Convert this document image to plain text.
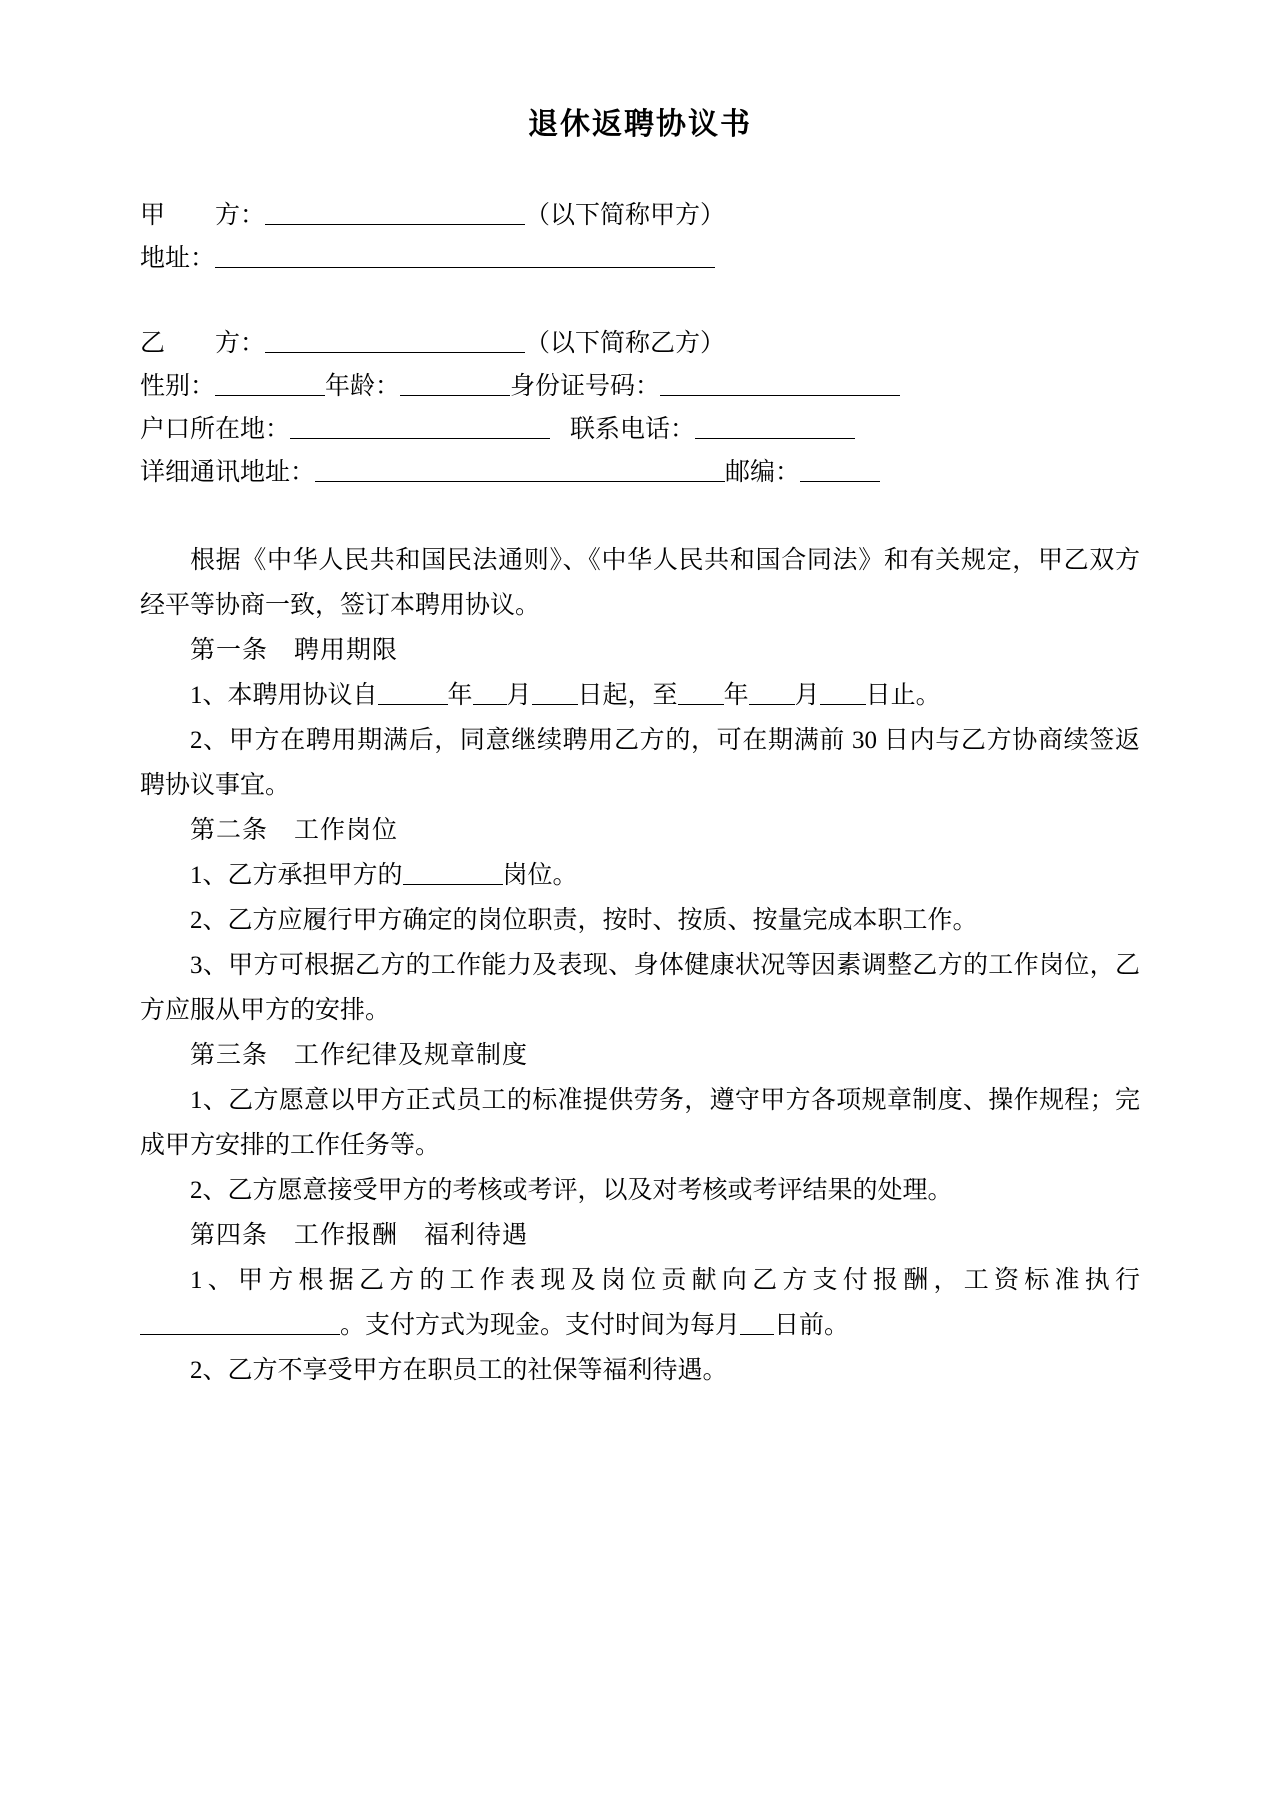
退休返聘协议书
甲　　方：	（以下简称甲方）
地址：
乙　　方：	（以下简称乙方）
性别：	年龄：	身份证号码：
户口所在地：	联系电话：
详细通讯地址：	邮编：

根据《中华人民共和国民法通则》、《中华人民共和国合同法》和有关规定，甲乙双方经平等协商一致，签订本聘用协议。

第一条　聘用期限

1、本聘用协议自	年 月 日起，至 年 月 日止。

2、甲方在聘用期满后，同意继续聘用乙方的，可在期满前 30 日内与乙方协商续签返聘协议事宜。

第二条　工作岗位

1、乙方承担甲方的	岗位。

2、乙方应履行甲方确定的岗位职责，按时、按质、按量完成本职工作。

3、甲方可根据乙方的工作能力及表现、身体健康状况等因素调整乙方的工作岗位，乙方应服从甲方的安排。

第三条　工作纪律及规章制度

1、乙方愿意以甲方正式员工的标准提供劳务，遵守甲方各项规章制度、操作规程；完成甲方安排的工作任务等。

2、乙方愿意接受甲方的考核或考评，以及对考核或考评结果的处理。

第四条　工作报酬　福利待遇

1、甲方根据乙方的工作表现及岗位贡献向乙方支付报酬，工资标准执行。支付方式为现金。支付时间为每月 日前。

2、乙方不享受甲方在职员工的社保等福利待遇。
